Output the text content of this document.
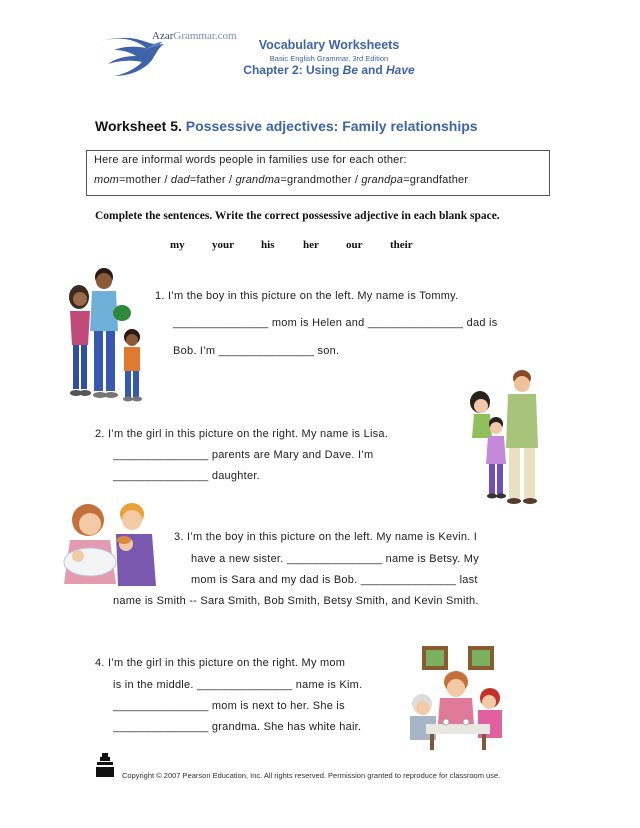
AzarGrammar.com
Vocabulary Worksheets
Basic English Grammar, 3rd Edition
Chapter 2: Using Be and Have
Worksheet 5. Possessive adjectives: Family relationships
Here are informal words people in families use for each other:
mom=mother / dad=father / grandma=grandmother / grandpa=grandfather
Complete the sentences. Write the correct possessive adjective in each blank space.
my your his	her our	their
1. I’m the boy in this picture on the left. My name is Tommy.
_______________ mom is Helen and _______________ dad is
Bob. I’m _______________ son.
2. I’m the girl in this picture on the right. My name is Lisa.
_______________ parents are Mary and Dave. I’m
_______________ daughter.
3. I’m the boy in this picture on the left. My name is Kevin. I
have a new sister. _______________ name is Betsy. My
mom is Sara and my dad is Bob. _______________ last
name is Smith -- Sara Smith, Bob Smith, Betsy Smith, and Kevin Smith.
4. I’m the girl in this picture on the right. My mom
is in the middle. _______________ name is Kim.
_______________ mom is next to her. She is
_______________ grandma. She has white hair.
Copyright © 2007 Pearson Education, Inc. All rights reserved. Permission granted to reproduce for classroom use.
